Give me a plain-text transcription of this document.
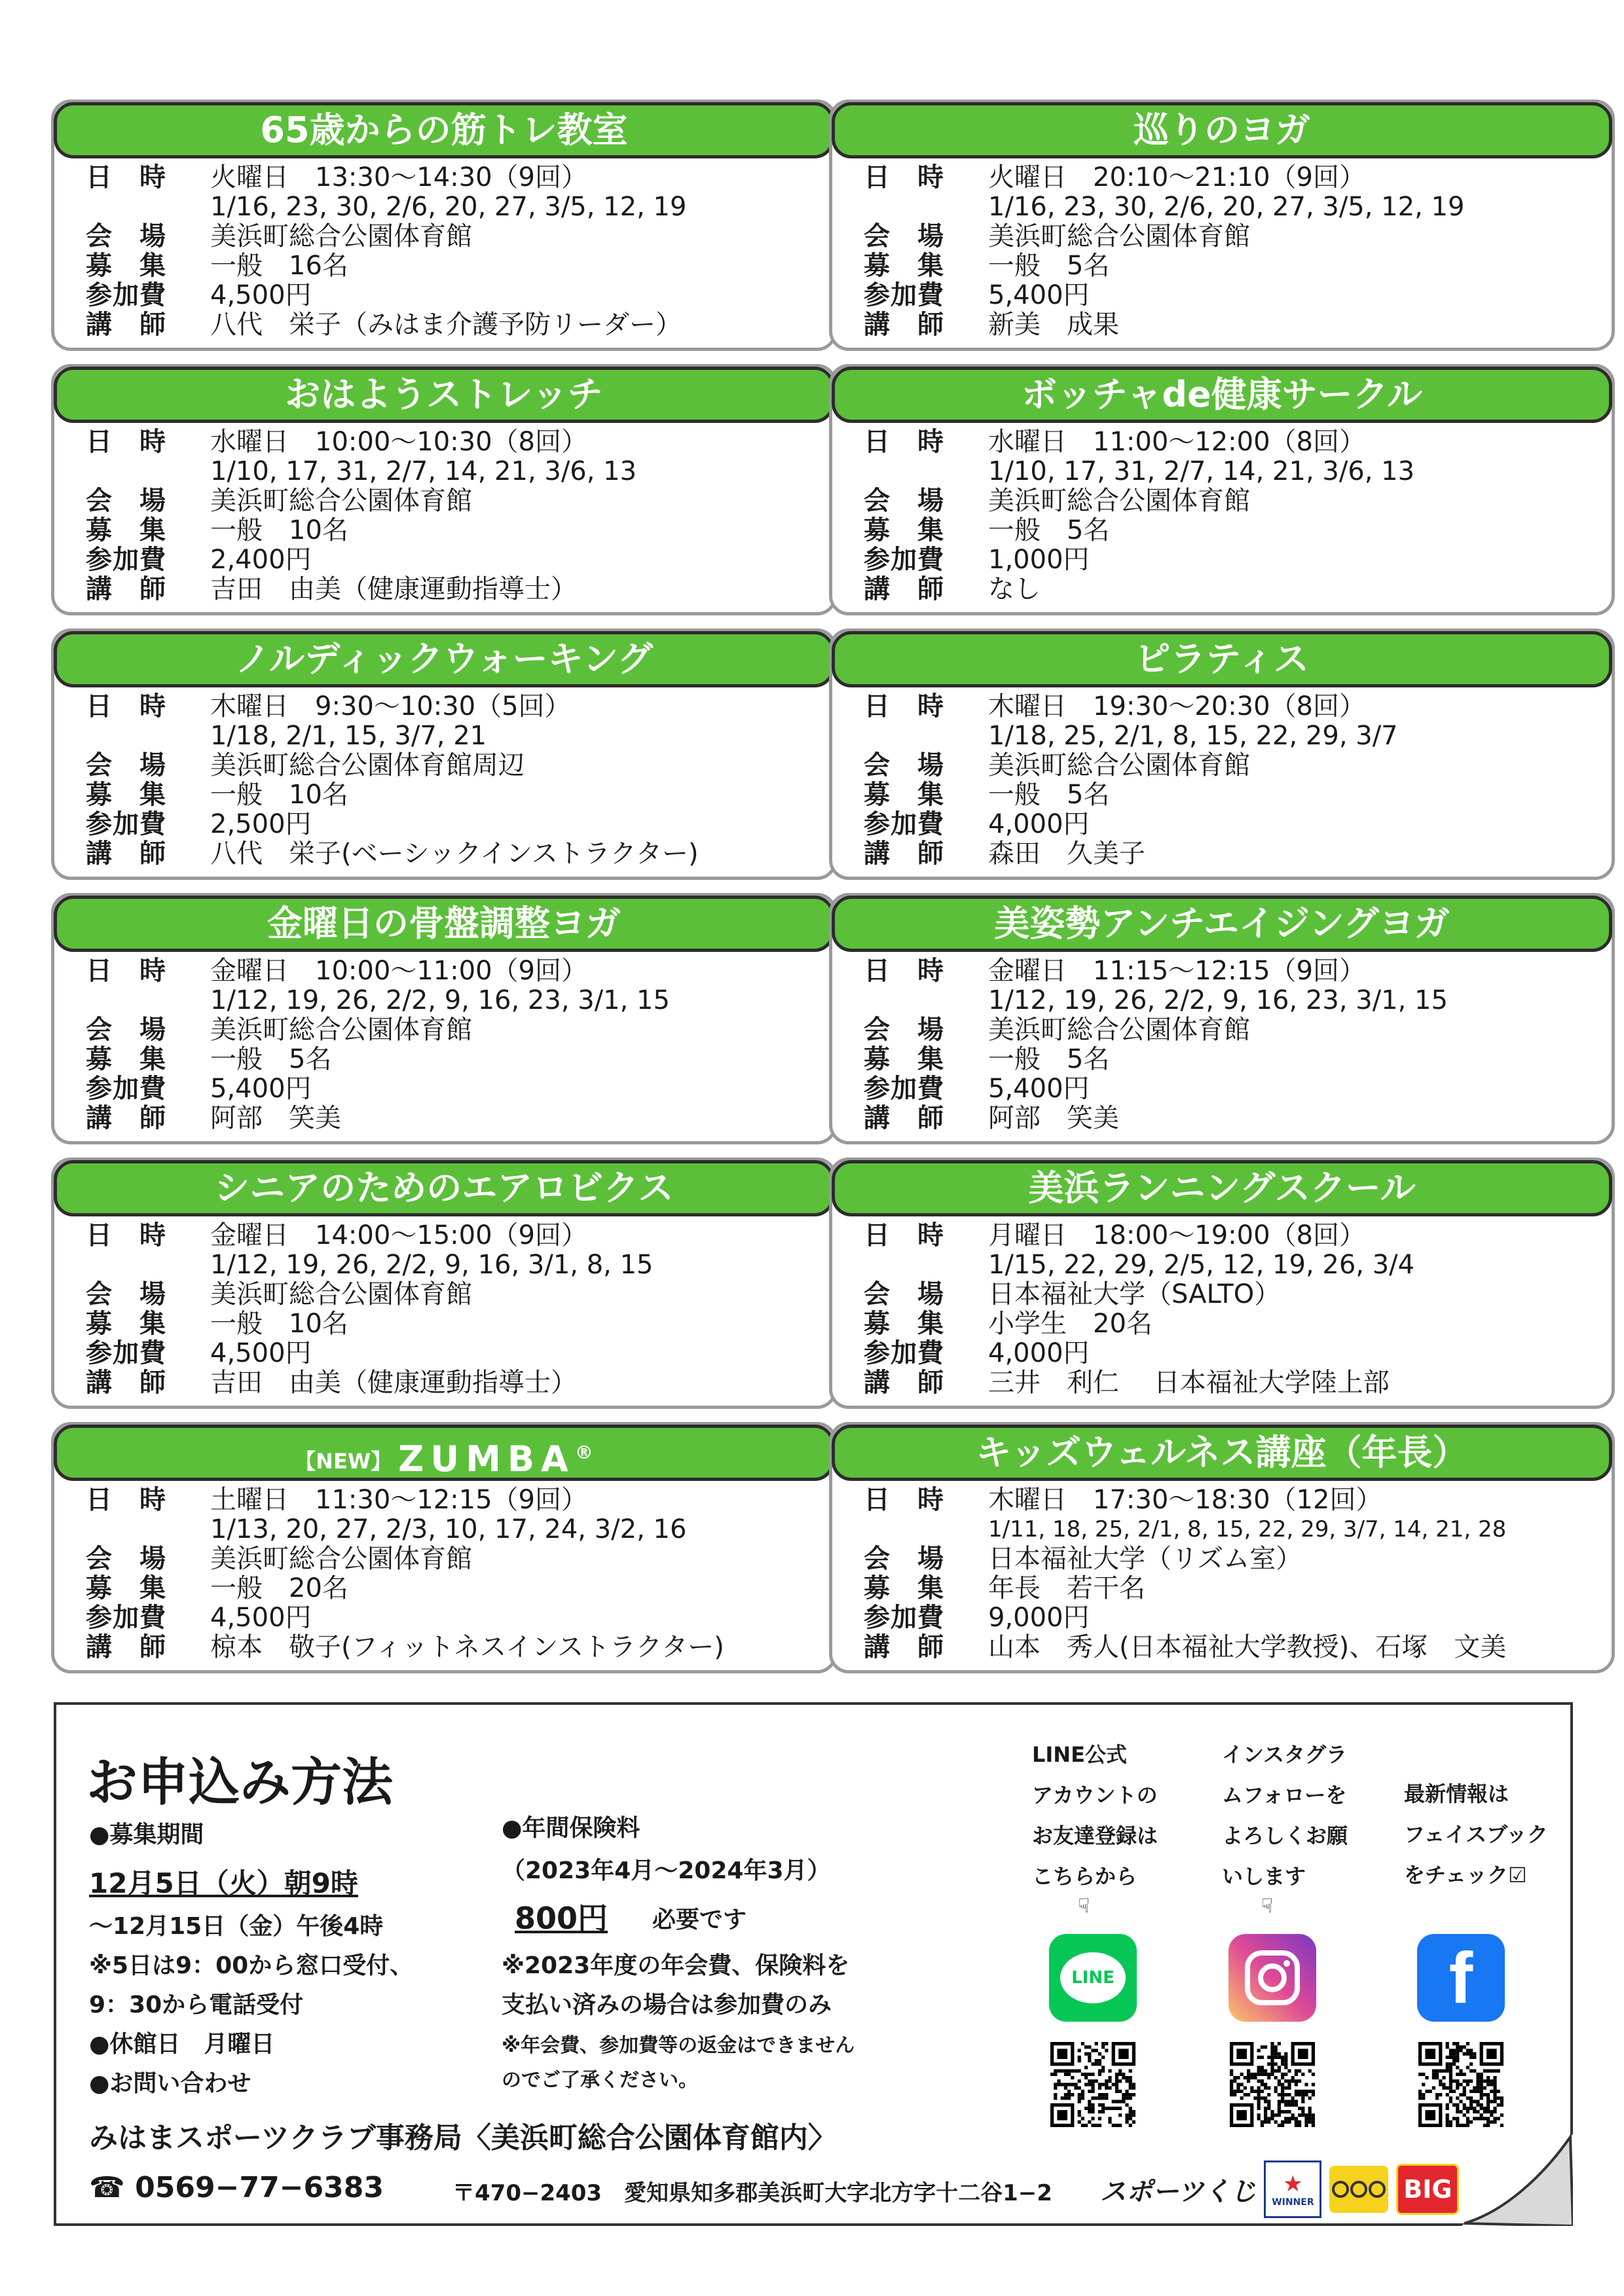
65歳からの筋トレ教室
日　時	火曜日　13:30～14:30（9回）
1/16, 23, 30, 2/6, 20, 27, 3/5, 12, 19
会　場	美浜町総合公園体育館
募　集	一般　16名
参加費	4,500円
講　師	八代　栄子（みはま介護予防リーダー）
巡りのヨガ
日　時	火曜日　20:10～21:10（9回）
1/16, 23, 30, 2/6, 20, 27, 3/5, 12, 19
会　場	美浜町総合公園体育館
募　集	一般　5名
参加費	5,400円
講　師	新美　成果
おはようストレッチ
日　時	水曜日　10:00～10:30（8回）
1/10, 17, 31, 2/7, 14, 21, 3/6, 13
会　場	美浜町総合公園体育館
募　集	一般　10名
参加費	2,400円
講　師	吉田　由美（健康運動指導士）
ボッチャde健康サークル
日　時	水曜日　11:00～12:00（8回）
1/10, 17, 31, 2/7, 14, 21, 3/6, 13
会　場	美浜町総合公園体育館
募　集	一般　5名
参加費	1,000円
講　師	なし
ノルディックウォーキング
日　時	木曜日　9:30～10:30（5回）
1/18, 2/1, 15, 3/7, 21
会　場	美浜町総合公園体育館周辺
募　集	一般　10名
参加費	2,500円
講　師	八代　栄子(ベーシックインストラクター)
ピラティス
日　時	木曜日　19:30～20:30（8回）
1/18, 25, 2/1, 8, 15, 22, 29, 3/7
会　場	美浜町総合公園体育館
募　集	一般　5名
参加費	4,000円
講　師	森田　久美子
金曜日の骨盤調整ヨガ
日　時	金曜日　10:00～11:00（9回）
1/12, 19, 26, 2/2, 9, 16, 23, 3/1, 15
会　場	美浜町総合公園体育館
募　集	一般　5名
参加費	5,400円
講　師	阿部　笑美
美姿勢アンチエイジングヨガ
日　時	金曜日　11:15～12:15（9回）
1/12, 19, 26, 2/2, 9, 16, 23, 3/1, 15
会　場	美浜町総合公園体育館
募　集	一般　5名
参加費	5,400円
講　師	阿部　笑美
シニアのためのエアロビクス
日　時	金曜日　14:00～15:00（9回）
1/12, 19, 26, 2/2, 9, 16, 3/1, 8, 15
会　場	美浜町総合公園体育館
募　集	一般　10名
参加費	4,500円
講　師	吉田　由美（健康運動指導士）
美浜ランニングスクール
日　時	月曜日　18:00～19:00（8回）
1/15, 22, 29, 2/5, 12, 19, 26, 3/4
会　場	日本福祉大学（SALTO）
募　集	小学生　20名
参加費	4,000円
講　師	三井　利仁　 日本福祉大学陸上部
【NEW】 ZUMBA®
日　時	土曜日　11:30～12:15（9回）
1/13, 20, 27, 2/3, 10, 17, 24, 3/2, 16
会　場	美浜町総合公園体育館
募　集	一般　20名
参加費	4,500円
講　師	椋本　敬子(フィットネスインストラクター)
キッズウェルネス講座（年長）
日　時	木曜日　17:30～18:30（12回）
1/11, 18, 25, 2/1, 8, 15, 22, 29, 3/7, 14, 21, 28
会　場	日本福祉大学（リズム室）
募　集	年長　若干名
参加費	9,000円
講　師	山本　秀人(日本福祉大学教授)、石塚　文美
お申込み方法
●募集期間
12月5日（火）朝9時
～12月15日（金）午後4時
※5日は9：00から窓口受付、
9：30から電話受付
●休館日　月曜日
●お問い合わせ
みはまスポーツクラブ事務局〈美浜町総合公園体育館内〉
☎ 0569−77−6383	〒470−2403　愛知県知多郡美浜町大字北方字十二谷1−2
●年間保険料
（2023年4月～2024年3月）
800円 必要です
※2023年度の年会費、保険料を
支払い済みの場合は参加費のみ
※年会費、参加費等の返金はできません
のでご了承ください。
LINE公式
アカウントの
お友達登録は
こちらから
インスタグラ
ムフォローを
よろしくお願
いします
最新情報は
フェイスブック
をチェック☑
☟	☟
LINE	f
スポーツくじ ★
WINNER	BIG
